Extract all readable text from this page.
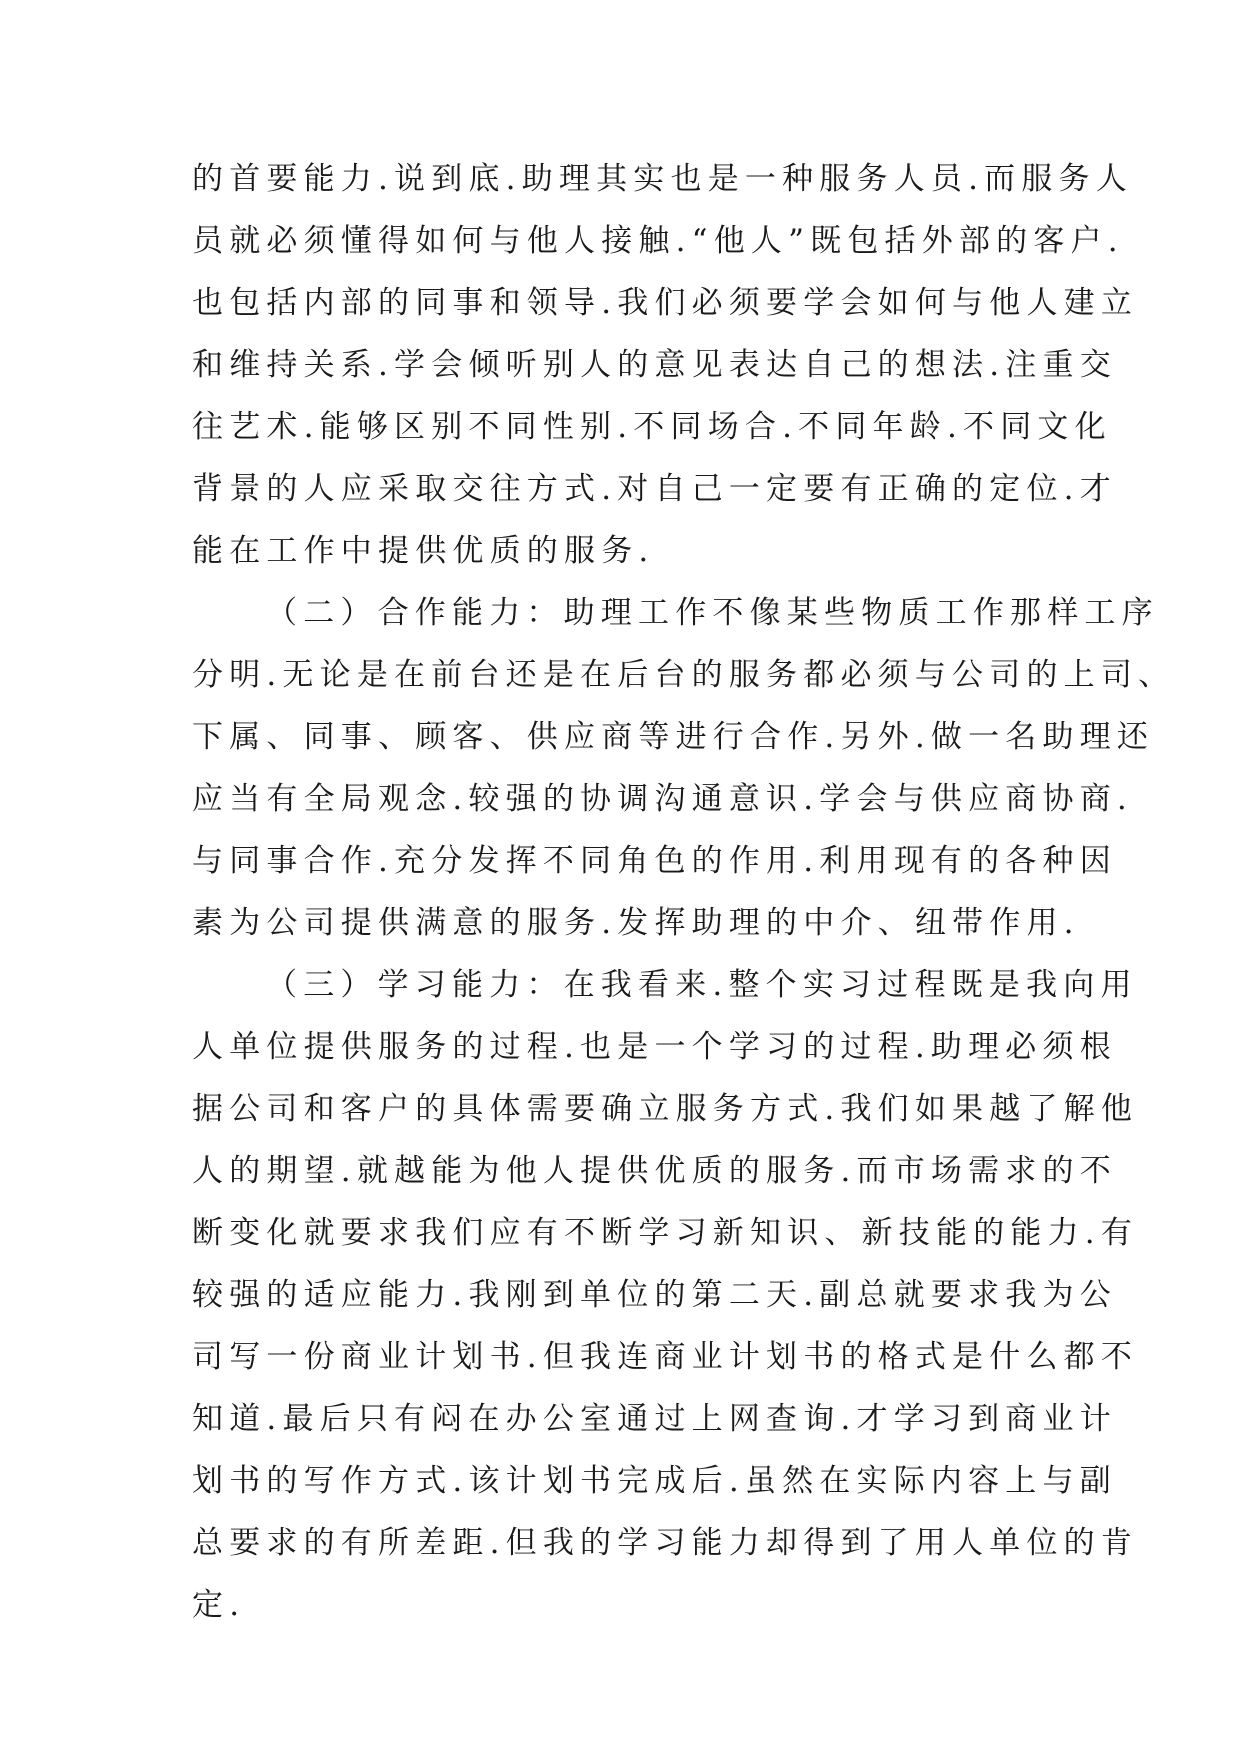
的首要能力.说到底.助理其实也是一种服务人员.而服务人
员就必须懂得如何与他人接触.“他人”既包括外部的客户.
也包括内部的同事和领导.我们必须要学会如何与他人建立
和维持关系.学会倾听别人的意见表达自己的想法.注重交
往艺术.能够区别不同性别.不同场合.不同年龄.不同文化
背景的人应采取交往方式.对自己一定要有正确的定位.才
能在工作中提供优质的服务.
（二）合作能力：助理工作不像某些物质工作那样工序
分明.无论是在前台还是在后台的服务都必须与公司的上司、
下属、同事、顾客、供应商等进行合作.另外.做一名助理还
应当有全局观念.较强的协调沟通意识.学会与供应商协商.
与同事合作.充分发挥不同角色的作用.利用现有的各种因
素为公司提供满意的服务.发挥助理的中介、纽带作用.
（三）学习能力：在我看来.整个实习过程既是我向用
人单位提供服务的过程.也是一个学习的过程.助理必须根
据公司和客户的具体需要确立服务方式.我们如果越了解他
人的期望.就越能为他人提供优质的服务.而市场需求的不
断变化就要求我们应有不断学习新知识、新技能的能力.有
较强的适应能力.我刚到单位的第二天.副总就要求我为公
司写一份商业计划书.但我连商业计划书的格式是什么都不
知道.最后只有闷在办公室通过上网查询.才学习到商业计
划书的写作方式.该计划书完成后.虽然在实际内容上与副
总要求的有所差距.但我的学习能力却得到了用人单位的肯
定.
